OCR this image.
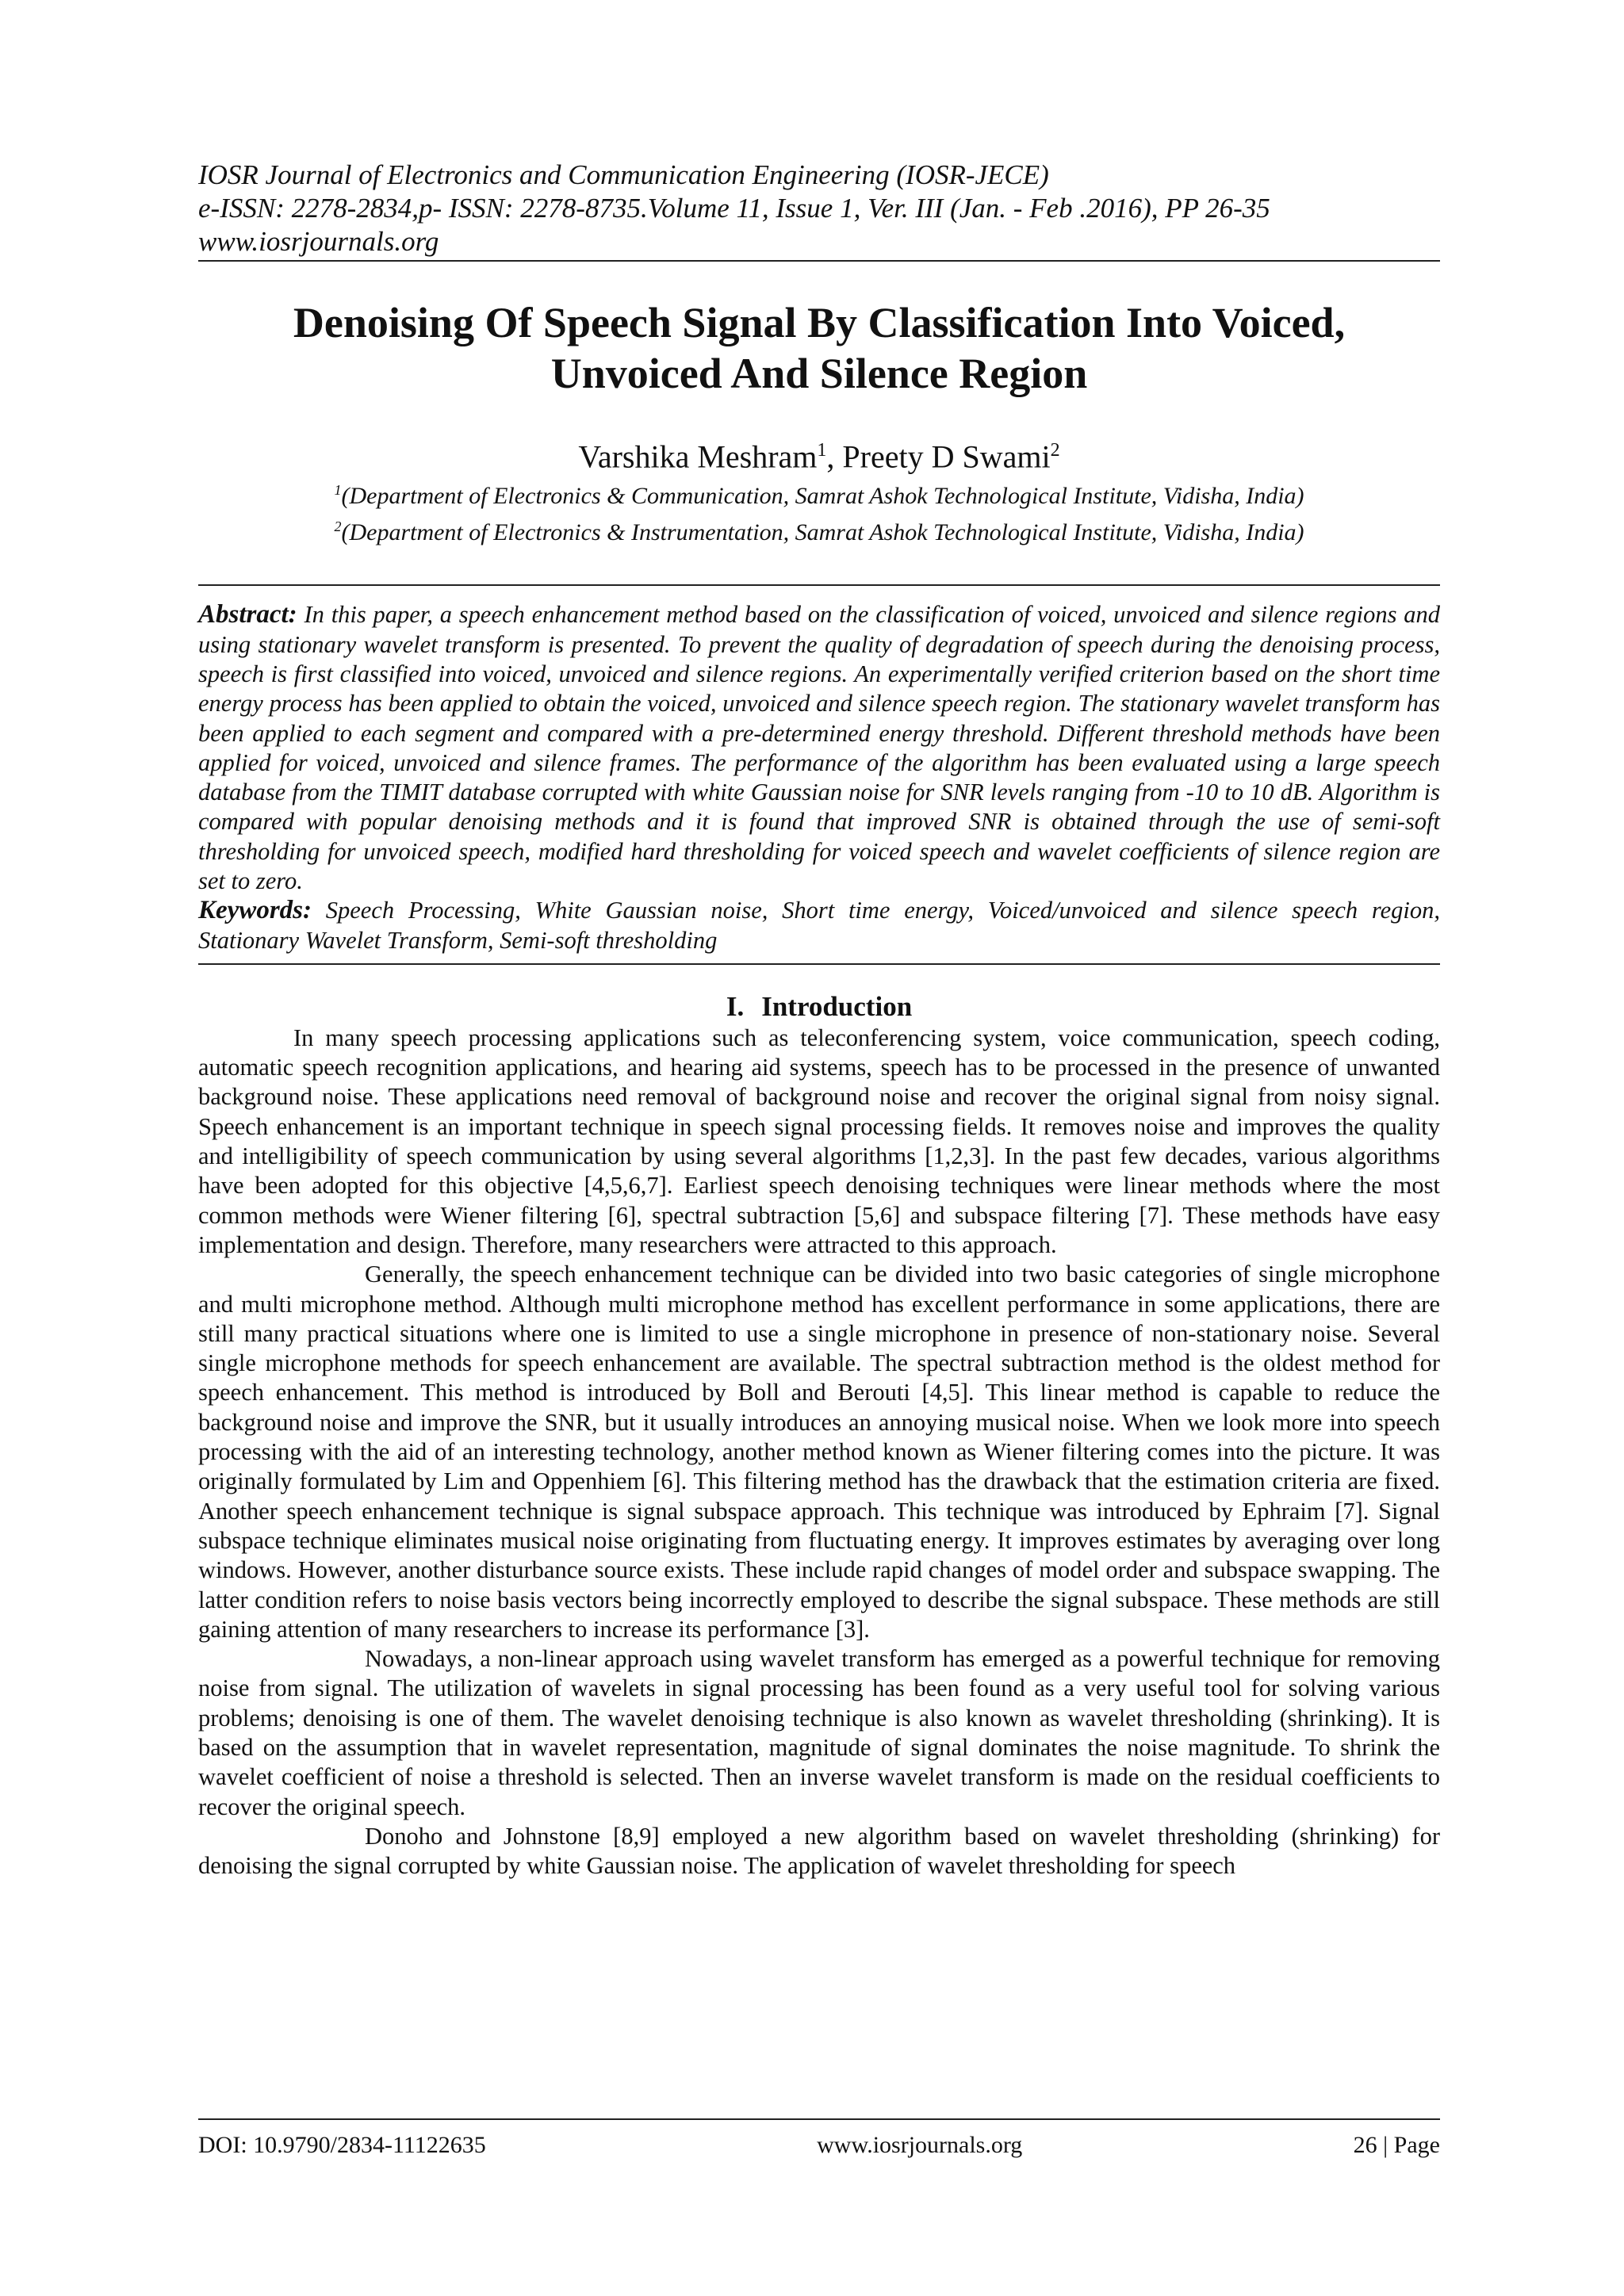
IOSR Journal of Electronics and Communication Engineering (IOSR-JECE)
e-ISSN: 2278-2834,p- ISSN: 2278-8735.Volume 11, Issue 1, Ver. III (Jan. - Feb .2016), PP 26-35
www.iosrjournals.org
Denoising Of Speech Signal By Classification Into Voiced,
Unvoiced And Silence Region
Varshika Meshram$^1$, Preety D Swami$^2$
$^1$(Department of Electronics & Communication, Samrat Ashok Technological Institute, Vidisha, India)
$^2$(Department of Electronics & Instrumentation, Samrat Ashok Technological Institute, Vidisha, India)

Abstract: In this paper, a speech enhancement method based on the classification of voiced, unvoiced and silence regions and using stationary wavelet transform is presented. To prevent the quality of degradation of speech during the denoising process, speech is first classified into voiced, unvoiced and silence regions. An experimentally verified criterion based on the short time energy process has been applied to obtain the voiced, unvoiced and silence speech region. The stationary wavelet transform has been applied to each segment and compared with a pre-determined energy threshold. Different threshold methods have been applied for voiced, unvoiced and silence frames. The performance of the algorithm has been evaluated using a large speech database from the TIMIT database corrupted with white Gaussian noise for SNR levels ranging from -10 to 10 dB. Algorithm is compared with popular denoising methods and it is found that improved SNR is obtained through the use of semi-soft thresholding for unvoiced speech, modified hard thresholding for voiced speech and wavelet coefficients of silence region are set to zero.

Keywords: Speech Processing, White Gaussian noise, Short time energy, Voiced/unvoiced and silence speech region, Stationary Wavelet Transform, Semi-soft thresholding

I. Introduction

In many speech processing applications such as teleconferencing system, voice communication, speech coding, automatic speech recognition applications, and hearing aid systems, speech has to be processed in the presence of unwanted background noise. These applications need removal of background noise and recover the original signal from noisy signal. Speech enhancement is an important technique in speech signal processing fields. It removes noise and improves the quality and intelligibility of speech communication by using several algorithms [1,2,3]. In the past few decades, various algorithms have been adopted for this objective [4,5,6,7]. Earliest speech denoising techniques were linear methods where the most common methods were Wiener filtering [6], spectral subtraction [5,6] and subspace filtering [7]. These methods have easy implementation and design. Therefore, many researchers were attracted to this approach.

Generally, the speech enhancement technique can be divided into two basic categories of single microphone and multi microphone method. Although multi microphone method has excellent performance in some applications, there are still many practical situations where one is limited to use a single microphone in presence of non-stationary noise. Several single microphone methods for speech enhancement are available. The spectral subtraction method is the oldest method for speech enhancement. This method is introduced by Boll and Berouti [4,5]. This linear method is capable to reduce the background noise and improve the SNR, but it usually introduces an annoying musical noise. When we look more into speech processing with the aid of an interesting technology, another method known as Wiener filtering comes into the picture. It was originally formulated by Lim and Oppenhiem [6]. This filtering method has the drawback that the estimation criteria are fixed. Another speech enhancement technique is signal subspace approach. This technique was introduced by Ephraim [7]. Signal subspace technique eliminates musical noise originating from fluctuating energy. It improves estimates by averaging over long windows. However, another disturbance source exists. These include rapid changes of model order and subspace swapping. The latter condition refers to noise basis vectors being incorrectly employed to describe the signal subspace. These methods are still gaining attention of many researchers to increase its performance [3].

Nowadays, a non-linear approach using wavelet transform has emerged as a powerful technique for removing noise from signal. The utilization of wavelets in signal processing has been found as a very useful tool for solving various problems; denoising is one of them. The wavelet denoising technique is also known as wavelet thresholding (shrinking). It is based on the assumption that in wavelet representation, magnitude of signal dominates the noise magnitude. To shrink the wavelet coefficient of noise a threshold is selected. Then an inverse wavelet transform is made on the residual coefficients to recover the original speech.

Donoho and Johnstone [8,9] employed a new algorithm based on wavelet thresholding (shrinking) for denoising the signal corrupted by white Gaussian noise. The application of wavelet thresholding for speech

DOI: 10.9790/2834-11122635	www.iosrjournals.org	26 | Page
